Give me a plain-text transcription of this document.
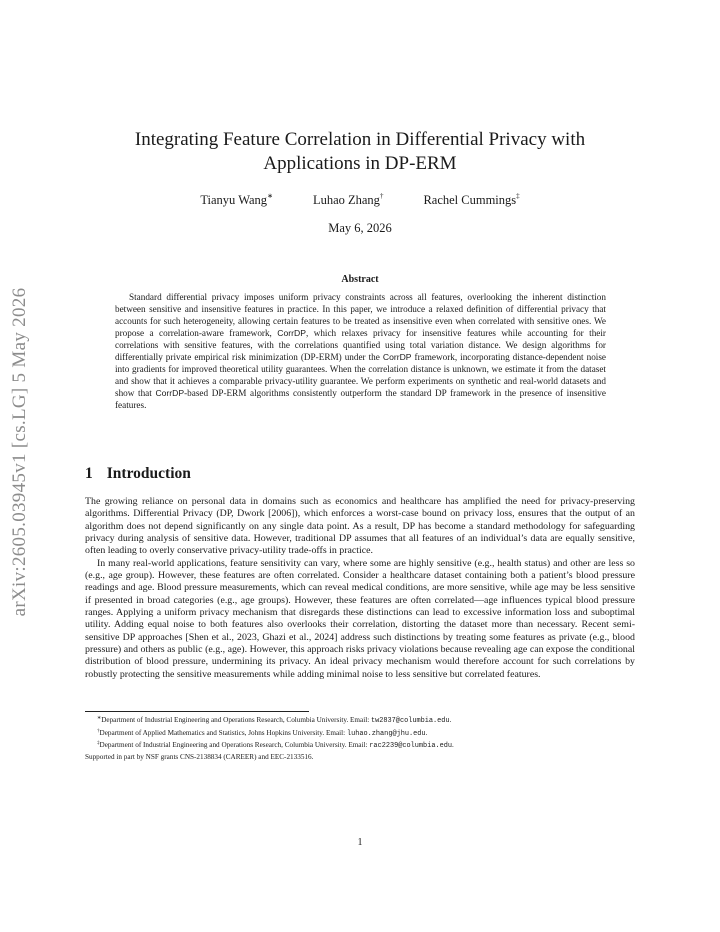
arXiv:2605.03945v1 [cs.LG] 5 May 2026
Integrating Feature Correlation in Differential Privacy with
Applications in DP-ERM
Tianyu Wang∗	Luhao Zhang†	Rachel Cummings‡
May 6, 2026
Abstract

Standard differential privacy imposes uniform privacy constraints across all features, overlooking the inherent distinction between sensitive and insensitive features in practice. In this paper, we introduce a relaxed definition of differential privacy that accounts for such heterogeneity, allowing certain features to be treated as insensitive even when correlated with sensitive ones. We propose a correlation-aware framework, CorrDP, which relaxes privacy for insensitive features while accounting for their correlations with sensitive features, with the correlations quantified using total variation distance. We design algorithms for differentially private empirical risk minimization (DP-ERM) under the CorrDP framework, incorporating distance-dependent noise into gradients for improved theoretical utility guarantees. When the correlation distance is unknown, we estimate it from the dataset and show that it achieves a comparable privacy-utility guarantee. We perform experiments on synthetic and real-world datasets and show that CorrDP-based DP-ERM algorithms consistently outperform the standard DP framework in the presence of insensitive features.

1 Introduction

The growing reliance on personal data in domains such as economics and healthcare has amplified the need for privacy-preserving algorithms. Differential Privacy (DP, Dwork [2006]), which enforces a worst-case bound on privacy loss, ensures that the output of an algorithm does not depend significantly on any single data point. As a result, DP has become a standard methodology for safeguarding privacy during analysis of sensitive data. However, traditional DP assumes that all features of an individual’s data are equally sensitive, often leading to overly conservative privacy-utility trade-offs in practice.

In many real-world applications, feature sensitivity can vary, where some are highly sensitive (e.g., health status) and other are less so (e.g., age group). However, these features are often correlated. Consider a healthcare dataset containing both a patient’s blood pressure readings and age. Blood pressure measurements, which can reveal medical conditions, are more sensitive, while age may be less sensitive if presented in broad categories (e.g., age groups). However, these features are often correlated—age influences typical blood pressure ranges. Applying a uniform privacy mechanism that disregards these distinctions can lead to excessive information loss and suboptimal utility. Adding equal noise to both features also overlooks their correlation, distorting the dataset more than necessary. Recent semi-sensitive DP approaches [Shen et al., 2023, Ghazi et al., 2024] address such distinctions by treating some features as private (e.g., blood pressure) and others as public (e.g., age). However, this approach risks privacy violations because revealing age can expose the conditional distribution of blood pressure, undermining its privacy. An ideal privacy mechanism would therefore account for such correlations by robustly protecting the sensitive measurements while adding minimal noise to less sensitive but correlated features.

∗Department of Industrial Engineering and Operations Research, Columbia University. Email: tw2837@columbia.edu.
†Department of Applied Mathematics and Statistics, Johns Hopkins University. Email: luhao.zhang@jhu.edu.
‡Department of Industrial Engineering and Operations Research, Columbia University. Email: rac2239@columbia.edu.
Supported in part by NSF grants CNS-2138834 (CAREER) and EEC-2133516.
1
